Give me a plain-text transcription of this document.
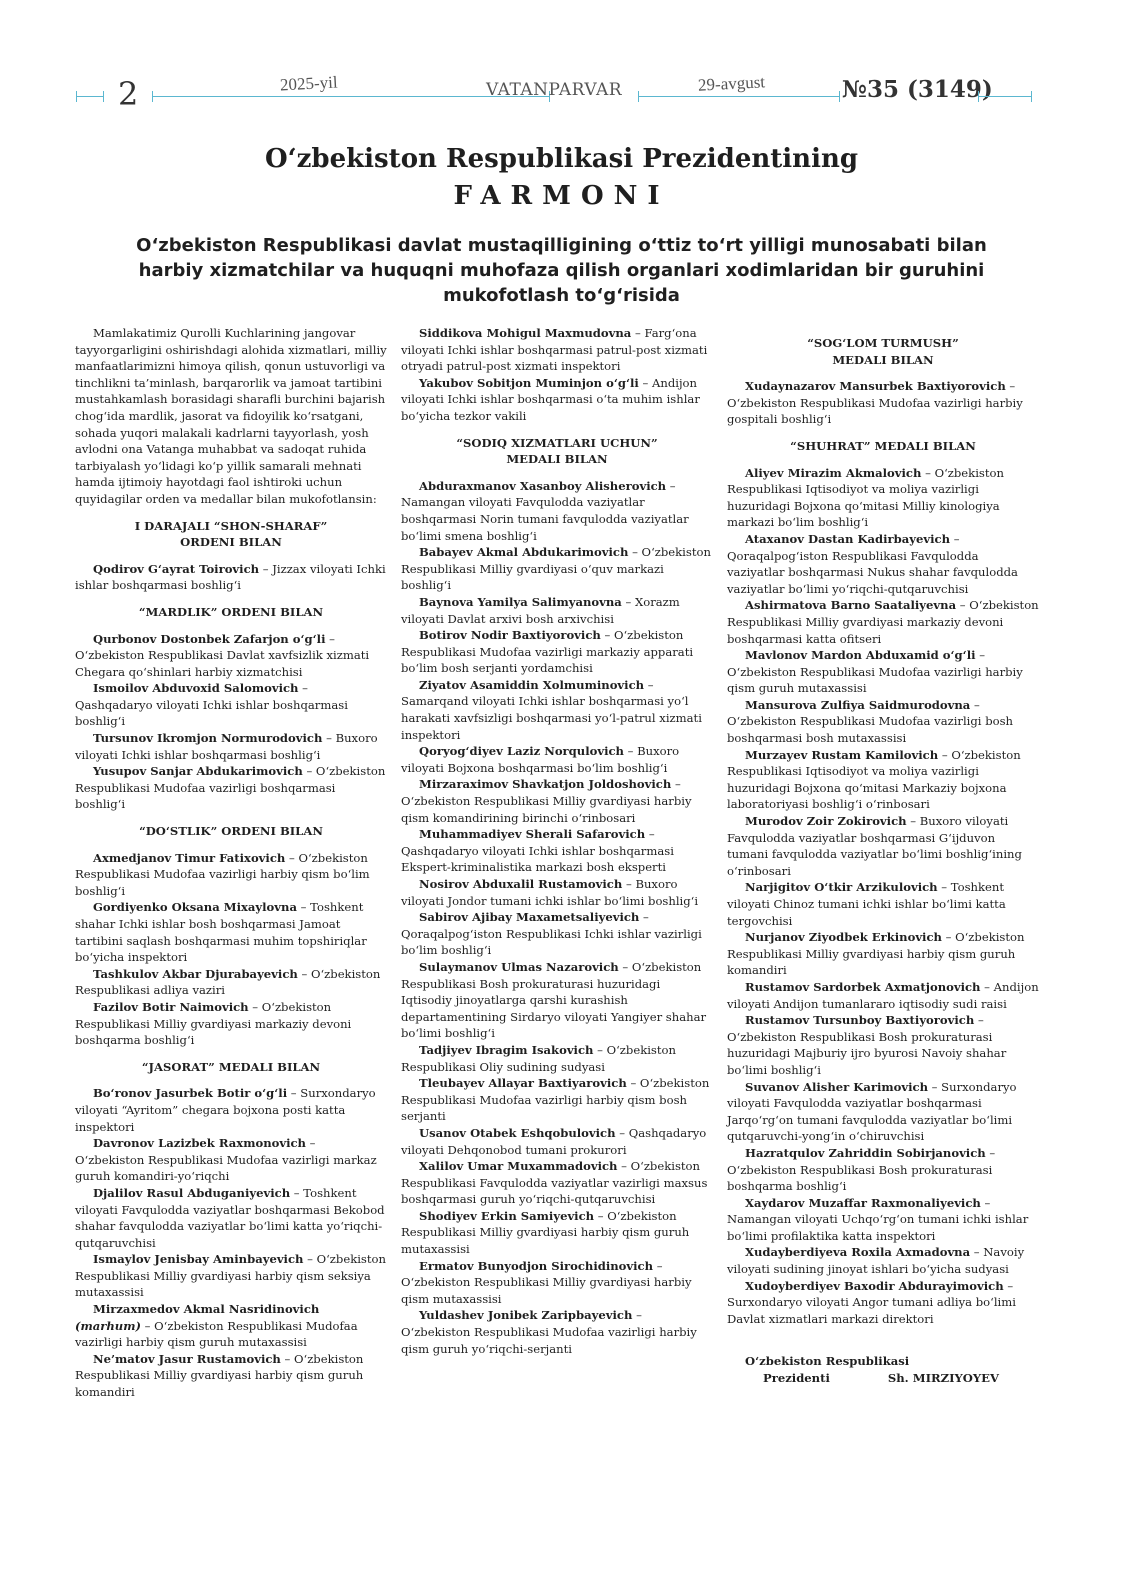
2	2025-yil	VATANPARVAR	29-avgust	№35 (3149)
O‘zbekiston Respublikasi Prezidentining
FARMONI
O‘zbekiston Respublikasi davlat mustaqilligining o‘ttiz to‘rt yilligi munosabati bilan harbiy xizmatchilar va huquqni muhofaza qilish organlari xodimlaridan bir guruhini mukofotlash to‘g‘risida

Mamlakatimiz Qurolli Kuchlarining jangovar tayyorgarligini oshirishdagi alohida xizmatlari, milliy manfaatlarimizni himoya qilish, qonun ustuvorligi va tinchlikni ta’minlash, barqarorlik va jamoat tartibini mustahkamlash borasidagi sharafli burchini bajarish chog‘ida mardlik, jasorat va fidoyilik ko‘rsatgani, sohada yuqori malakali kadrlarni tayyorlash, yosh avlodni ona Vatanga muhabbat va sadoqat ruhida tarbiyalash yo‘lidagi ko‘p yillik samarali mehnati hamda ijtimoiy hayotdagi faol ishtiroki uchun quyidagilar orden va medallar bilan mukofotlansin:

I DARAJALI “SHON-SHARAF”
ORDENI BILAN

Qodirov G‘ayrat Toirovich – Jizzax viloyati Ichki ishlar boshqarmasi boshlig‘i

“MARDLIK” ORDENI BILAN

Qurbonov Dostonbek Zafarjon o‘g‘li – O‘zbekiston Respublikasi Davlat xavfsizlik xizmati Chegara qo‘shinlari harbiy xizmatchisi

Ismoilov Abduvoxid Salomovich – Qashqadaryo viloyati Ichki ishlar boshqarmasi boshlig‘i

Tursunov Ikromjon Normurodovich – Buxoro viloyati Ichki ishlar boshqarmasi boshlig‘i

Yusupov Sanjar Abdukarimovich – O‘zbekiston Respublikasi Mudofaa vazirligi boshqarmasi boshlig‘i

“DO‘STLIK” ORDENI BILAN

Axmedjanov Timur Fatixovich – O‘zbekiston Respublikasi Mudofaa vazirligi harbiy qism bo‘lim boshlig‘i

Gordiyenko Oksana Mixaylovna – Toshkent shahar Ichki ishlar bosh boshqarmasi Jamoat tartibini saqlash boshqarmasi muhim topshiriqlar bo‘yicha inspektori

Tashkulov Akbar Djurabayevich – O‘zbekiston Respublikasi adliya vaziri

Fazilov Botir Naimovich – O‘zbekiston Respublikasi Milliy gvardiyasi markaziy devoni boshqarma boshlig‘i

“JASORAT” MEDALI BILAN

Bo‘ronov Jasurbek Botir o‘g‘li – Surxondaryo viloyati “Ayritom” chegara bojxona posti katta inspektori

Davronov Lazizbek Raxmonovich – O‘zbekiston Respublikasi Mudofaa vazirligi markaz guruh komandiri-yo‘riqchi

Djalilov Rasul Abduganiyevich – Toshkent viloyati Favqulodda vaziyatlar boshqarmasi Bekobod shahar favqulodda vaziyatlar bo‘limi katta yo‘riqchi-qutqaruvchisi

Ismaylov Jenisbay Aminbayevich – O‘zbekiston Respublikasi Milliy gvardiyasi harbiy qism seksiya mutaxassisi

Mirzaxmedov Akmal Nasridinovich (marhum) – O‘zbekiston Respublikasi Mudofaa vazirligi harbiy qism guruh mutaxassisi

Ne’matov Jasur Rustamovich – O‘zbekiston Respublikasi Milliy gvardiyasi harbiy qism guruh komandiri

Siddikova Mohigul Maxmudovna – Farg‘ona viloyati Ichki ishlar boshqarmasi patrul-post xizmati otryadi patrul-post xizmati inspektori

Yakubov Sobitjon Muminjon o‘g‘li – Andijon viloyati Ichki ishlar boshqarmasi o‘ta muhim ishlar bo‘yicha tezkor vakili

“SODIQ XIZMATLARI UCHUN”
MEDALI BILAN

Abduraxmanov Xasanboy Alisherovich – Namangan viloyati Favqulodda vaziyatlar boshqarmasi Norin tumani favqulodda vaziyatlar bo‘limi smena boshlig‘i

Babayev Akmal Abdukarimovich – O‘zbekiston Respublikasi Milliy gvardiyasi o‘quv markazi boshlig‘i

Baynova Yamilya Salimyanovna – Xorazm viloyati Davlat arxivi bosh arxivchisi

Botirov Nodir Baxtiyorovich – O‘zbekiston Respublikasi Mudofaa vazirligi markaziy apparati bo‘lim bosh serjanti yordamchisi

Ziyatov Asamiddin Xolmuminovich – Samarqand viloyati Ichki ishlar boshqarmasi yo‘l harakati xavfsizligi boshqarmasi yo‘l-patrul xizmati inspektori

Qoryog‘diyev Laziz Norqulovich – Buxoro viloyati Bojxona boshqarmasi bo‘lim boshlig‘i

Mirzaraximov Shavkatjon Joldoshovich – O‘zbekiston Respublikasi Milliy gvardiyasi harbiy qism komandirining birinchi o‘rinbosari

Muhammadiyev Sherali Safarovich – Qashqadaryo viloyati Ichki ishlar boshqarmasi Ekspert-kriminalistika markazi bosh eksperti

Nosirov Abduxalil Rustamovich – Buxoro viloyati Jondor tumani ichki ishlar bo‘limi boshlig‘i

Sabirov Ajibay Maxametsaliyevich – Qoraqalpog‘iston Respublikasi Ichki ishlar vazirligi bo‘lim boshlig‘i

Sulaymanov Ulmas Nazarovich – O‘zbekiston Respublikasi Bosh prokuraturasi huzuridagi Iqtisodiy jinoyatlarga qarshi kurashish departamentining Sirdaryo viloyati Yangiyer shahar bo‘limi boshlig‘i

Tadjiyev Ibragim Isakovich – O‘zbekiston Respublikasi Oliy sudining sudyasi

Tleubayev Allayar Baxtiyarovich – O‘zbekiston Respublikasi Mudofaa vazirligi harbiy qism bosh serjanti

Usanov Otabek Eshqobulovich – Qashqadaryo viloyati Dehqonobod tumani prokurori

Xalilov Umar Muxammadovich – O‘zbekiston Respublikasi Favqulodda vaziyatlar vazirligi maxsus boshqarmasi guruh yo‘riqchi-qutqaruvchisi

Shodiyev Erkin Samiyevich – O‘zbekiston Respublikasi Milliy gvardiyasi harbiy qism guruh mutaxassisi

Ermatov Bunyodjon Sirochidinovich – O‘zbekiston Respublikasi Milliy gvardiyasi harbiy qism mutaxassisi

Yuldashev Jonibek Zaripbayevich – O‘zbekiston Respublikasi Mudofaa vazirligi harbiy qism guruh yo‘riqchi-serjanti

“SOG‘LOM TURMUSH”
MEDALI BILAN

Xudaynazarov Mansurbek Baxtiyorovich – O‘zbekiston Respublikasi Mudofaa vazirligi harbiy gospitali boshlig‘i

“SHUHRAT” MEDALI BILAN

Aliyev Mirazim Akmalovich – O‘zbekiston Respublikasi Iqtisodiyot va moliya vazirligi huzuridagi Bojxona qo‘mitasi Milliy kinologiya markazi bo‘lim boshlig‘i

Ataxanov Dastan Kadirbayevich – Qoraqalpog‘iston Respublikasi Favqulodda vaziyatlar boshqarmasi Nukus shahar favqulodda vaziyatlar bo‘limi yo‘riqchi-qutqaruvchisi

Ashirmatova Barno Saataliyevna – O‘zbekiston Respublikasi Milliy gvardiyasi markaziy devoni boshqarmasi katta ofitseri

Mavlonov Mardon Abduxamid o‘g‘li – O‘zbekiston Respublikasi Mudofaa vazirligi harbiy qism guruh mutaxassisi

Mansurova Zulfiya Saidmurodovna – O‘zbekiston Respublikasi Mudofaa vazirligi bosh boshqarmasi bosh mutaxassisi

Murzayev Rustam Kamilovich – O‘zbekiston Respublikasi Iqtisodiyot va moliya vazirligi huzuridagi Bojxona qo‘mitasi Markaziy bojxona laboratoriyasi boshlig‘i o‘rinbosari

Murodov Zoir Zokirovich – Buxoro viloyati Favqulodda vaziyatlar boshqarmasi G‘ijduvon tumani favqulodda vaziyatlar bo‘limi boshlig‘ining o‘rinbosari

Narjigitov O‘tkir Arzikulovich – Toshkent viloyati Chinoz tumani ichki ishlar bo‘limi katta tergovchisi

Nurjanov Ziyodbek Erkinovich – O‘zbekiston Respublikasi Milliy gvardiyasi harbiy qism guruh komandiri

Rustamov Sardorbek Axmatjonovich – Andijon viloyati Andijon tumanlararo iqtisodiy sudi raisi

Rustamov Tursunboy Baxtiyorovich – O‘zbekiston Respublikasi Bosh prokuraturasi huzuridagi Majburiy ijro byurosi Navoiy shahar bo‘limi boshlig‘i

Suvanov Alisher Karimovich – Surxondaryo viloyati Favqulodda vaziyatlar boshqarmasi Jarqo‘rg‘on tumani favqulodda vaziyatlar bo‘limi qutqaruvchi-yong‘in o‘chiruvchisi

Hazratqulov Zahriddin Sobirjanovich – O‘zbekiston Respublikasi Bosh prokuraturasi boshqarma boshlig‘i

Xaydarov Muzaffar Raxmonaliyevich – Namangan viloyati Uchqo‘rg‘on tumani ichki ishlar bo‘limi profilaktika katta inspektori

Xudayberdiyeva Roxila Axmadovna – Navoiy viloyati sudining jinoyat ishlari bo‘yicha sudyasi

Xudoyberdiyev Baxodir Abdurayimovich – Surxondaryo viloyati Angor tumani adliya bo‘limi Davlat xizmatlari markazi direktori

O‘zbekiston Respublikasi
Prezidenti	Sh. MIRZIYOYEV
